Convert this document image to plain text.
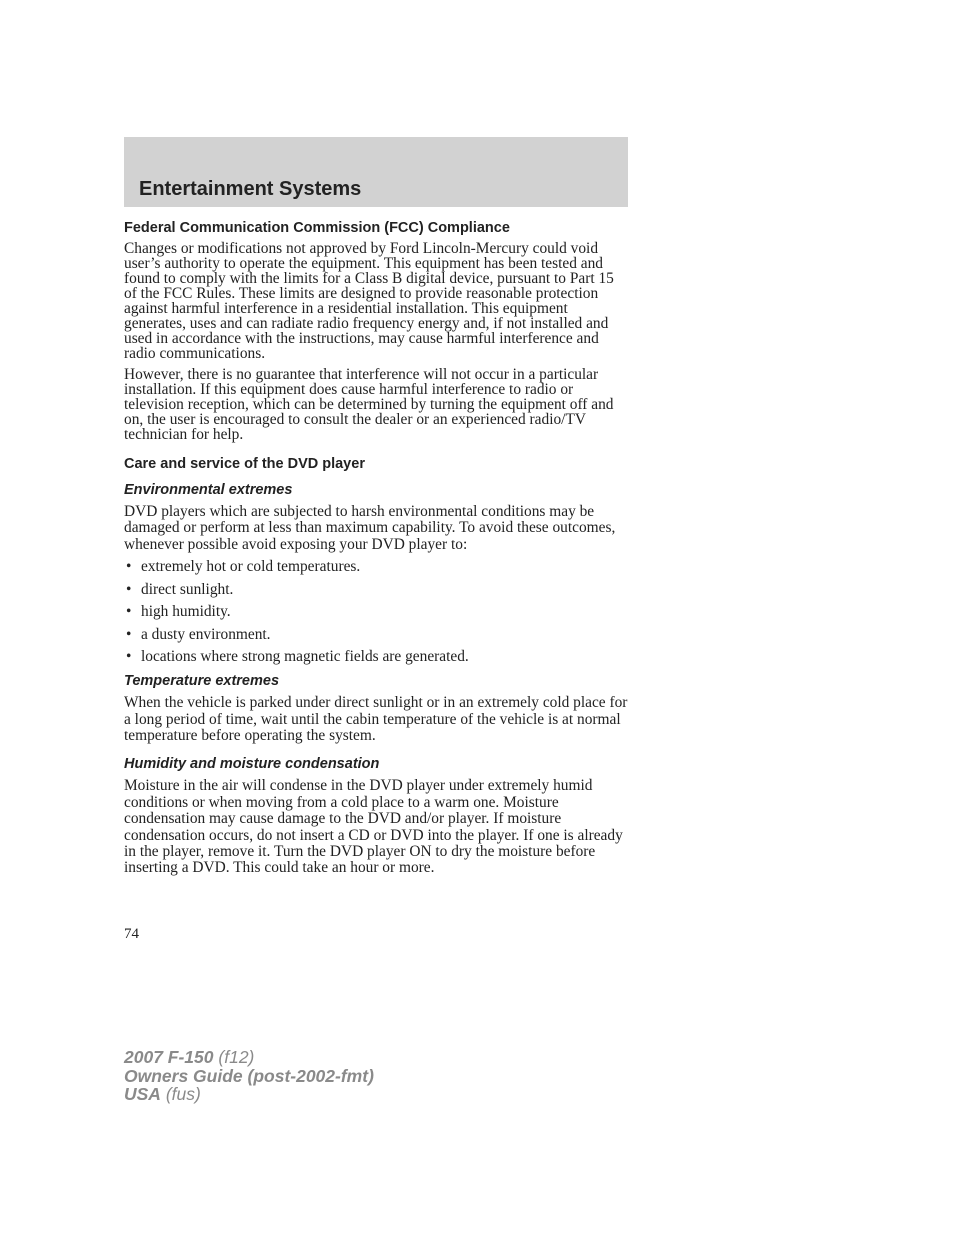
Entertainment Systems
Federal Communication Commission (FCC) Compliance

Changes or modifications not approved by Ford Lincoln-Mercury could void user’s authority to operate the equipment. This equipment has been tested and found to comply with the limits for a Class B digital device, pursuant to Part 15 of the FCC Rules. These limits are designed to provide reasonable protection against harmful interference in a residential installation. This equipment generates, uses and can radiate radio frequency energy and, if not installed and used in accordance with the instructions, may cause harmful interference and radio communications.

However, there is no guarantee that interference will not occur in a particular installation. If this equipment does cause harmful interference to radio or television reception, which can be determined by turning the equipment off and on, the user is encouraged to consult the dealer or an experienced radio/TV technician for help.

Care and service of the DVD player
Environmental extremes

DVD players which are subjected to harsh environmental conditions may be damaged or perform at less than maximum capability. To avoid these outcomes, whenever possible avoid exposing your DVD player to:

• extremely hot or cold temperatures.
• direct sunlight.
• high humidity.
• a dusty environment.
• locations where strong magnetic fields are generated.
Temperature extremes

When the vehicle is parked under direct sunlight or in an extremely cold place for a long period of time, wait until the cabin temperature of the vehicle is at normal temperature before operating the system.

Humidity and moisture condensation

Moisture in the air will condense in the DVD player under extremely humid conditions or when moving from a cold place to a warm one. Moisture condensation may cause damage to the DVD and/or player. If moisture condensation occurs, do not insert a CD or DVD into the player. If one is already in the player, remove it. Turn the DVD player ON to dry the moisture before inserting a DVD. This could take an hour or more.

74
2007 F-150 (f12)
Owners Guide (post-2002-fmt)
USA (fus)
